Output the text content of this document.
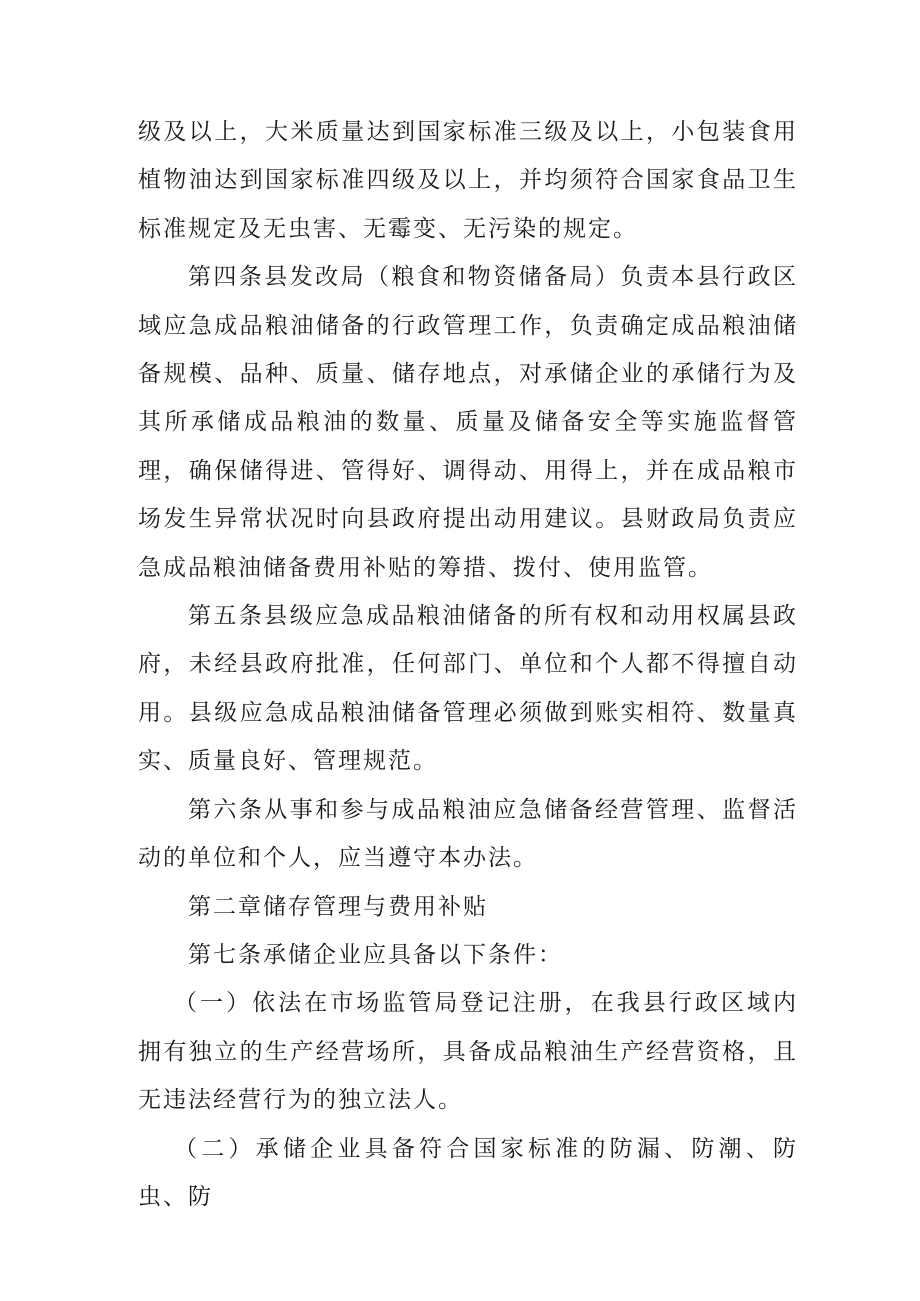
级及以上，大米质量达到国家标准三级及以上，小包装食用植物油达到国家标准四级及以上，并均须符合国家食品卫生标准规定及无虫害、无霉变、无污染的规定。

第四条县发改局（粮食和物资储备局）负责本县行政区域应急成品粮油储备的行政管理工作，负责确定成品粮油储备规模、品种、质量、储存地点，对承储企业的承储行为及其所承储成品粮油的数量、质量及储备安全等实施监督管理，确保储得进、管得好、调得动、用得上，并在成品粮市场发生异常状况时向县政府提出动用建议。县财政局负责应急成品粮油储备费用补贴的筹措、拨付、使用监管。

第五条县级应急成品粮油储备的所有权和动用权属县政府，未经县政府批准，任何部门、单位和个人都不得擅自动用。县级应急成品粮油储备管理必须做到账实相符、数量真实、质量良好、管理规范。

第六条从事和参与成品粮油应急储备经营管理、监督活动的单位和个人，应当遵守本办法。

第二章储存管理与费用补贴

第七条承储企业应具备以下条件：

（一）依法在市场监管局登记注册，在我县行政区域内拥有独立的生产经营场所，具备成品粮油生产经营资格，且无违法经营行为的独立法人。

（二）承储企业具备符合国家标准的防漏、防潮、防虫、防
